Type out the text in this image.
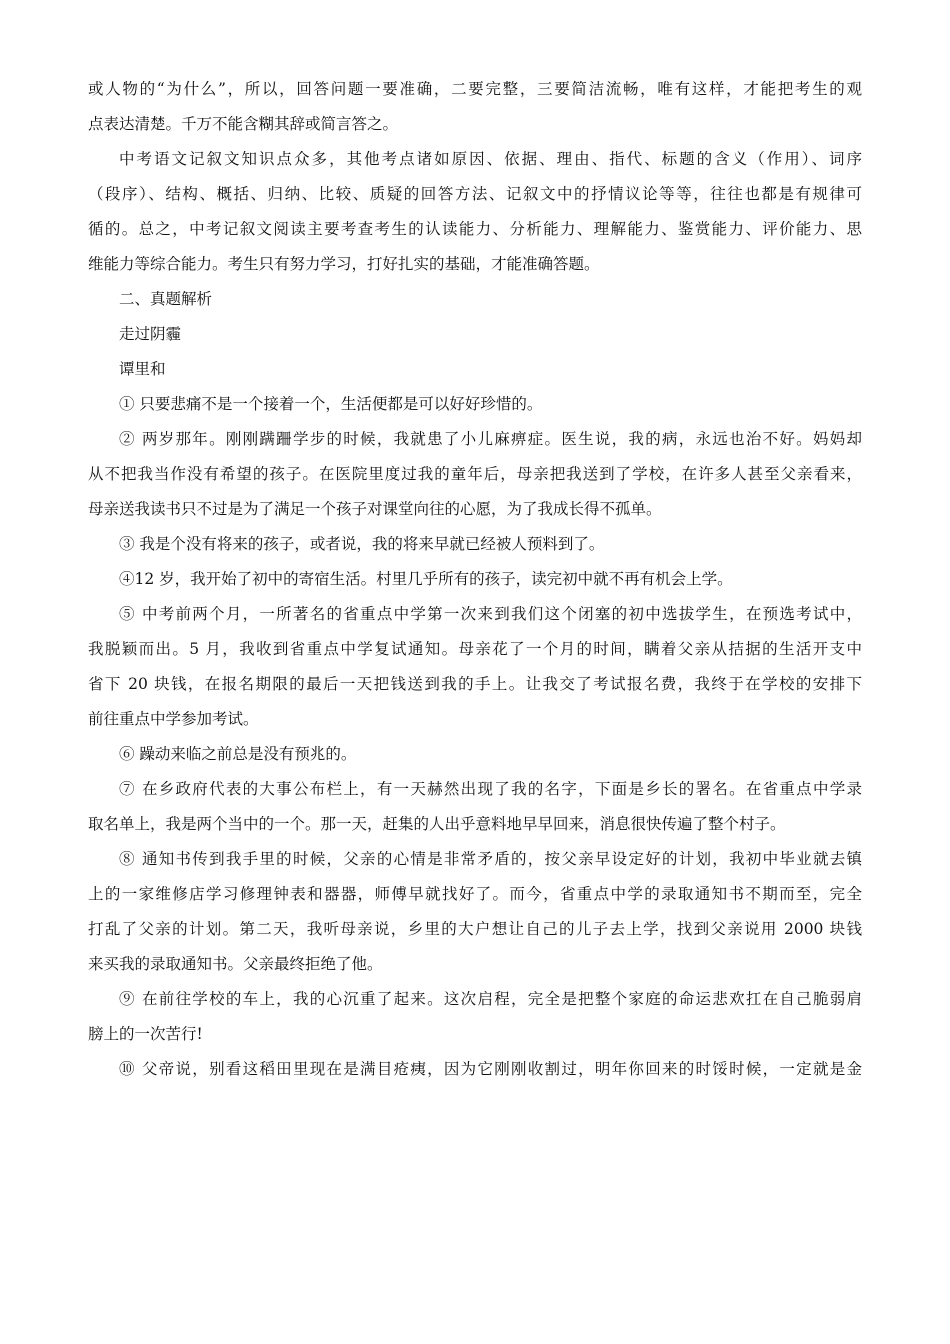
或人物的“为什么”，所以，回答问题一要准确，二要完整，三要简洁流畅，唯有这样，才能把考生的观
点表达清楚。千万不能含糊其辞或简言答之。
中考语文记叙文知识点众多，其他考点诸如原因、依据、理由、指代、标题的含义（作用）、词序
（段序）、结构、概括、归纳、比较、质疑的回答方法、记叙文中的抒情议论等等，往往也都是有规律可
循的。总之，中考记叙文阅读主要考查考生的认读能力、分析能力、理解能力、鉴赏能力、评价能力、思
维能力等综合能力。考生只有努力学习，打好扎实的基础，才能准确答题。
二、真题解析
走过阴霾
谭里和
① 只要悲痛不是一个接着一个，生活便都是可以好好珍惜的。
② 两岁那年。刚刚蹒跚学步的时候，我就患了小儿麻痹症。医生说，我的病，永远也治不好。妈妈却
从不把我当作没有希望的孩子。在医院里度过我的童年后，母亲把我送到了学校，在许多人甚至父亲看来，
母亲送我读书只不过是为了满足一个孩子对课堂向往的心愿，为了我成长得不孤单。
③ 我是个没有将来的孩子，或者说，我的将来早就已经被人预料到了。
④12 岁，我开始了初中的寄宿生活。村里几乎所有的孩子，读完初中就不再有机会上学。
⑤ 中考前两个月，一所著名的省重点中学第一次来到我们这个闭塞的初中选拔学生，在预选考试中，
我脱颖而出。5 月，我收到省重点中学复试通知。母亲花了一个月的时间，瞒着父亲从拮据的生活开支中
省下 20 块钱，在报名期限的最后一天把钱送到我的手上。让我交了考试报名费，我终于在学校的安排下
前往重点中学参加考试。
⑥ 躁动来临之前总是没有预兆的。
⑦ 在乡政府代表的大事公布栏上，有一天赫然出现了我的名字，下面是乡长的署名。在省重点中学录
取名单上，我是两个当中的一个。那一天，赶集的人出乎意料地早早回来，消息很快传遍了整个村子。
⑧ 通知书传到我手里的时候，父亲的心情是非常矛盾的，按父亲早设定好的计划，我初中毕业就去镇
上的一家维修店学习修理钟表和器器，师傅早就找好了。而今，省重点中学的录取通知书不期而至，完全
打乱了父亲的计划。第二天，我听母亲说，乡里的大户想让自己的儿子去上学，找到父亲说用 2000 块钱
来买我的录取通知书。父亲最终拒绝了他。
⑨ 在前往学校的车上，我的心沉重了起来。这次启程，完全是把整个家庭的命运悲欢扛在自己脆弱肩
膀上的一次苦行!
⑩ 父帝说，别看这稻田里现在是满目疮痍，因为它刚刚收割过，明年你回来的时馁时候，一定就是金
